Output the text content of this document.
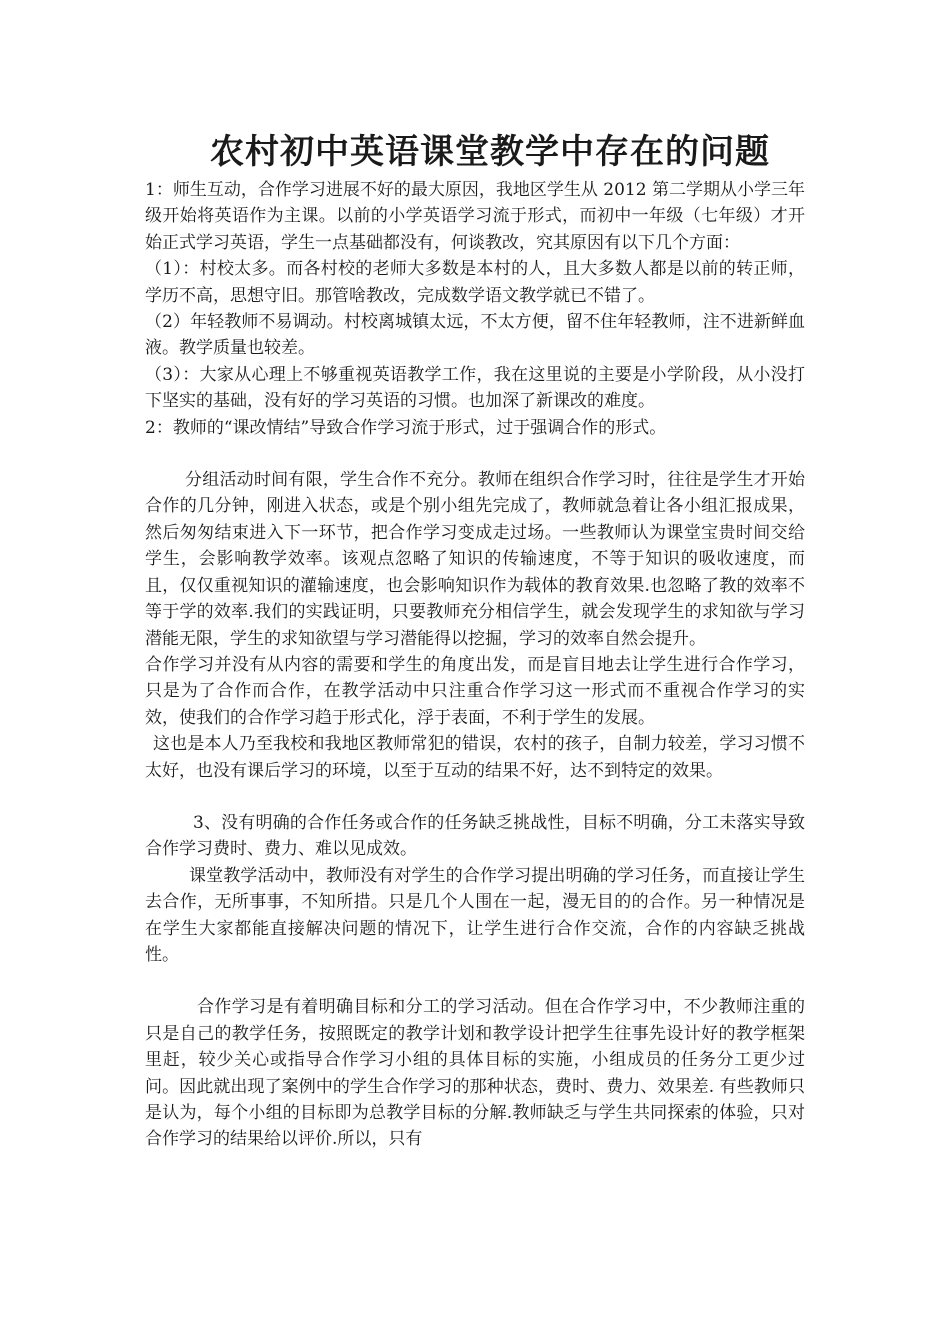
农村初中英语课堂教学中存在的问题

1：师生互动，合作学习进展不好的最大原因，我地区学生从 2012 第二学期从小学三年级开始将英语作为主课。以前的小学英语学习流于形式，而初中一年级（七年级）才开始正式学习英语，学生一点基础都没有，何谈教改，究其原因有以下几个方面：

（1）：村校太多。而各村校的老师大多数是本村的人，且大多数人都是以前的转正师，学历不高，思想守旧。那管啥教改，完成数学语文教学就已不错了。

（2）年轻教师不易调动。村校离城镇太远，不太方便，留不住年轻教师，注不进新鲜血液。教学质量也较差。

（3）：大家从心理上不够重视英语教学工作，我在这里说的主要是小学阶段，从小没打下坚实的基础，没有好的学习英语的习惯。也加深了新课改的难度。

2：教师的“课改情结”导致合作学习流于形式，过于强调合作的形式。

分组活动时间有限，学生合作不充分。教师在组织合作学习时，往往是学生才开始合作的几分钟，刚进入状态，或是个别小组先完成了，教师就急着让各小组汇报成果，然后匆匆结束进入下一环节，把合作学习变成走过场。一些教师认为课堂宝贵时间交给学生，会影响教学效率。该观点忽略了知识的传输速度，不等于知识的吸收速度，而且，仅仅重视知识的灌输速度，也会影响知识作为载体的教育效果.也忽略了教的效率不等于学的效率.我们的实践证明，只要教师充分相信学生，就会发现学生的求知欲与学习潜能无限，学生的求知欲望与学习潜能得以挖掘，学习的效率自然会提升。

合作学习并没有从内容的需要和学生的角度出发，而是盲目地去让学生进行合作学习，只是为了合作而合作，在教学活动中只注重合作学习这一形式而不重视合作学习的实效，使我们的合作学习趋于形式化，浮于表面，不利于学生的发展。

这也是本人乃至我校和我地区教师常犯的错误，农村的孩子，自制力较差，学习习惯不太好，也没有课后学习的环境，以至于互动的结果不好，达不到特定的效果。

3、没有明确的合作任务或合作的任务缺乏挑战性，目标不明确，分工未落实导致合作学习费时、费力、难以见成效。

课堂教学活动中，教师没有对学生的合作学习提出明确的学习任务，而直接让学生去合作，无所事事，不知所措。只是几个人围在一起，漫无目的的合作。另一种情况是在学生大家都能直接解决问题的情况下，让学生进行合作交流，合作的内容缺乏挑战性。

合作学习是有着明确目标和分工的学习活动。但在合作学习中，不少教师注重的只是自己的教学任务，按照既定的教学计划和教学设计把学生往事先设计好的教学框架里赶，较少关心或指导合作学习小组的具体目标的实施，小组成员的任务分工更少过问。因此就出现了案例中的学生合作学习的那种状态，费时、费力、效果差. 有些教师只是认为，每个小组的目标即为总教学目标的分解.教师缺乏与学生共同探索的体验，只对合作学习的结果给以评价.所以，只有
